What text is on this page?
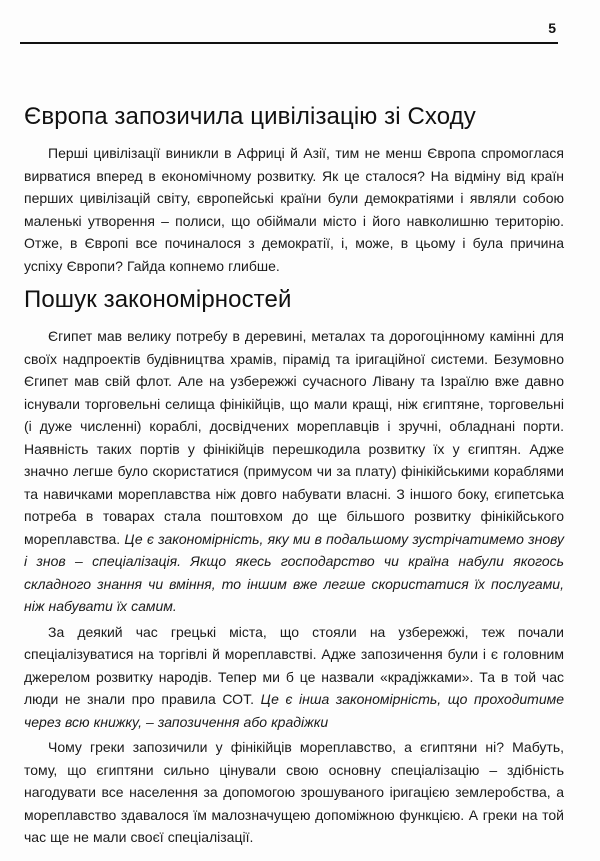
5
Європа запозичила цивілізацію зі Сходу

Перші цивілізації виникли в Африці й Азії, тим не менш Європа спромоглася вирватися вперед в економічному розвитку. Як це сталося? На відміну від країн перших цивілізацій світу, європейські країни були демократіями і являли собою маленькі утворення – полиси, що обіймали місто і його навколишню територію. Отже, в Європі все починалося з демократії, і, може, в цьому і була причина успіху Європи? Гайда копнемо глибше.

Пошук закономірностей

Єгипет мав велику потребу в деревині, металах та дорогоцінному камінні для своїх надпроектів будівництва храмів, пірамід та іригаційної системи. Безумовно Єгипет мав свій флот. Але на узбережжі сучасного Лівану та Ізраїлю вже давно існували торговельні селища фінікійців, що мали кращі, ніж єгиптяне, торговельні (і дуже численні) кораблі, досвідчених мореплавців і зручні, обладнані порти. Наявність таких портів у фінікійців перешкодила розвитку їх у єгиптян. Адже значно легше було скористатися (примусом чи за плату) фінікійськими кораблями та навичками мореплавства ніж довго набувати власні. З іншого боку, єгипетська потреба в товарах стала поштовхом до ще більшого розвитку фінікійського мореплавства. Це є закономірність, яку ми в подальшому зустрічатимемо знову і знов – спеціалізація. Якщо якесь господарство чи країна набули якогось складного знання чи вміння, то іншим вже легше скористатися їх послугами, ніж набувати їх самим.

За деякий час грецькі міста, що стояли на узбережжі, теж почали спеціалізуватися на торгівлі й мореплавстві. Адже запозичення були і є головним джерелом розвитку народів. Тепер ми б це назвали «крадіжками». Та в той час люди не знали про правила СОТ. Це є інша закономірність, що проходитиме через всю книжку, – запозичення або крадіжки

Чому греки запозичили у фінікійців мореплавство, а єгиптяни ні? Мабуть, тому, що єгиптяни сильно цінували свою основну спеціалізацію – здібність нагодувати все населення за допомогою зрошуваного іригацією землеробства, а мореплавство здавалося їм малозначущею допоміжною функцією. А греки на той час ще не мали своєї спеціалізації.
